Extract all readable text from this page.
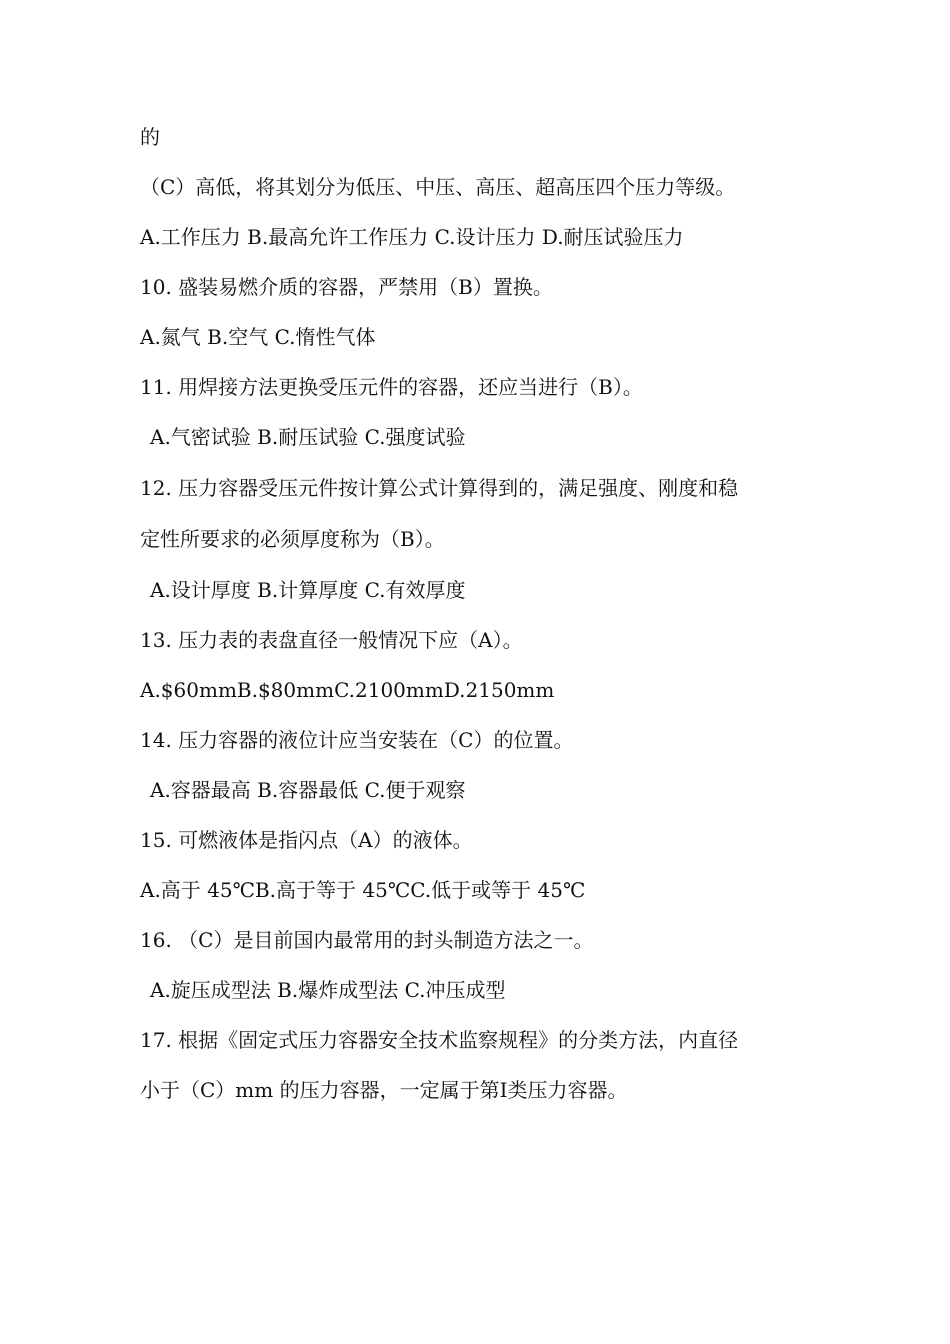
的
（C）高低，将其划分为低压、中压、高压、超高压四个压力等级。
A.工作压力 B.最高允许工作压力 C.设计压力 D.耐压试验压力
10. 盛装易燃介质的容器，严禁用（B）置换。
A.氮气 B.空气 C.惰性气体
11. 用焊接方法更换受压元件的容器，还应当进行（B）。
A.气密试验 B.耐压试验 C.强度试验
12. 压力容器受压元件按计算公式计算得到的，满足强度、刚度和稳
定性所要求的必须厚度称为（B）。
A.设计厚度 B.计算厚度 C.有效厚度
13. 压力表的表盘直径一般情况下应（A）。
A.$60mmB.$80mmC.2100mmD.2150mm
14. 压力容器的液位计应当安装在（C）的位置。
A.容器最高 B.容器最低 C.便于观察
15. 可燃液体是指闪点（A）的液体。
A.高于 45℃B.高于等于 45℃C.低于或等于 45℃
16. （C）是目前国内最常用的封头制造方法之一。
A.旋压成型法 B.爆炸成型法 C.冲压成型
17. 根据《固定式压力容器安全技术监察规程》的分类方法，内直径
小于（C）mm 的压力容器，一定属于第Ⅰ类压力容器。
